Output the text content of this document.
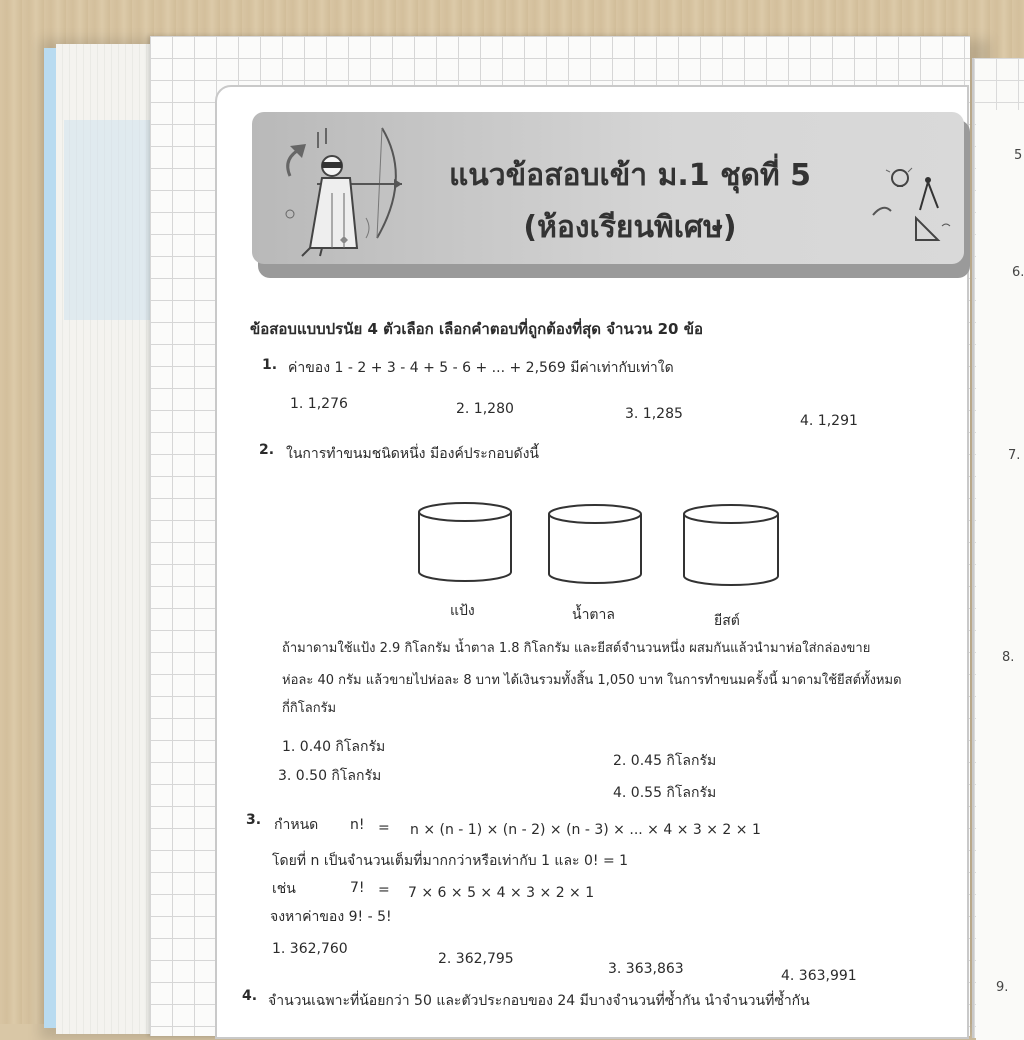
5
6.
7.
8.
9.
แนวข้อสอบเข้า ม.1 ชุดที่ 5
(ห้องเรียนพิเศษ)
ข้อสอบแบบปรนัย 4 ตัวเลือก เลือกคำตอบที่ถูกต้องที่สุด จำนวน 20 ข้อ
1. ค่าของ 1 - 2 + 3 - 4 + 5 - 6 + ... + 2,569 มีค่าเท่ากับเท่าใด
1. 1,276	2. 1,280	3. 1,285	4. 1,291
2. ในการทำขนมชนิดหนึ่ง มีองค์ประกอบดังนี้
แป้ง	น้ำตาล	ยีสต์
ถ้ามาดามใช้แป้ง 2.9 กิโลกรัม น้ำตาล 1.8 กิโลกรัม และยีสต์จำนวนหนึ่ง ผสมกันแล้วนำมาห่อใส่กล่องขาย
ห่อละ 40 กรัม แล้วขายไปห่อละ 8 บาท ได้เงินรวมทั้งสิ้น 1,050 บาท ในการทำขนมครั้งนี้ มาดามใช้ยีสต์ทั้งหมด
กี่กิโลกรัม
1. 0.40 กิโลกรัม
2. 0.45 กิโลกรัม
3. 0.50 กิโลกรัม
4. 0.55 กิโลกรัม
3. กำหนด n! = n × (n - 1) × (n - 2) × (n - 3) × ... × 4 × 3 × 2 × 1
โดยที่ n เป็นจำนวนเต็มที่มากกว่าหรือเท่ากับ 1 และ 0! = 1
เช่น	7! = 7 × 6 × 5 × 4 × 3 × 2 × 1
จงหาค่าของ 9! - 5!
1. 362,760
2. 362,795
3. 363,863	4. 363,991
4. จำนวนเฉพาะที่น้อยกว่า 50 และตัวประกอบของ 24 มีบางจำนวนที่ซ้ำกัน นำจำนวนที่ซ้ำกัน
